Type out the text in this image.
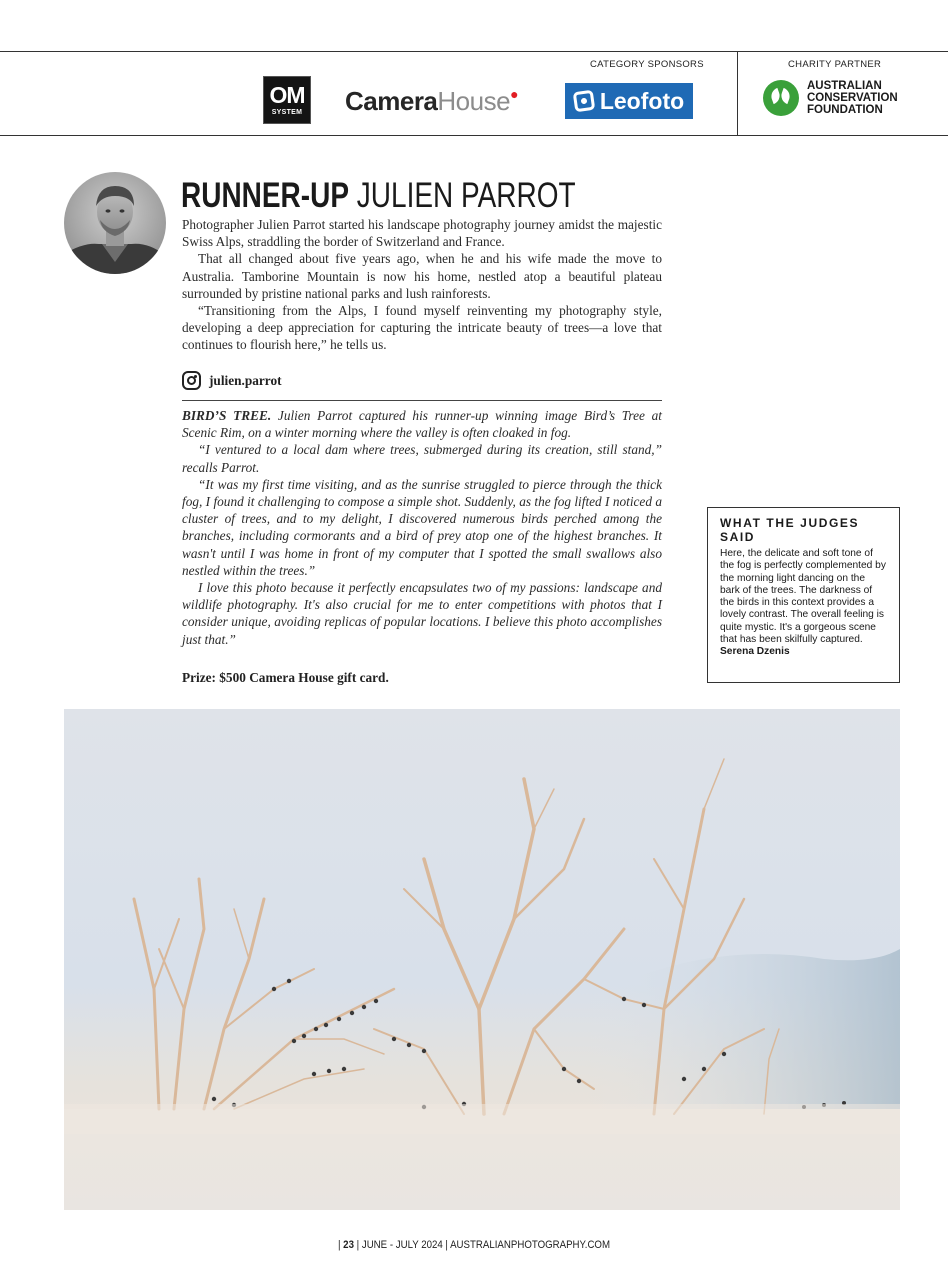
CATEGORY SPONSORS	CHARITY PARTNER
OM
SYSTEM CameraHouse●	Leofoto
AUSTRALIAN
CONSERVATION
FOUNDATION
RUNNER-UP JULIEN PARROT

Photographer Julien Parrot started his landscape photography journey amidst the majestic Swiss Alps, straddling the border of Switzerland and France.

That all changed about five years ago, when he and his wife made the move to Australia. Tamborine Mountain is now his home, nestled atop a beautiful plateau surrounded by pristine national parks and lush rainforests.

“Transitioning from the Alps, I found myself reinventing my photography style, developing a deep appreciation for capturing the intricate beauty of trees—a love that continues to flourish here,” he tells us.

julien.parrot

BIRD’S TREE. Julien Parrot captured his runner-up winning image Bird’s Tree at Scenic Rim, on a winter morning where the valley is often cloaked in fog.

“I ventured to a local dam where trees, submerged during its creation, still stand,” recalls Parrot.

“It was my first time visiting, and as the sunrise struggled to pierce through the thick fog, I found it challenging to compose a simple shot. Suddenly, as the fog lifted I noticed a cluster of trees, and to my delight, I discovered numerous birds perched among the branches, including cormorants and a bird of prey atop one of the highest branches. It wasn't until I was home in front of my computer that I spotted the small swallows also nestled within the trees.”

I love this photo because it perfectly encapsulates two of my passions: landscape and wildlife photography. It's also crucial for me to enter competitions with photos that I consider unique, avoiding replicas of popular locations. I believe this photo accomplishes just that.”

Prize: $500 Camera House gift card.
WHAT THE JUDGES SAID
Here, the delicate and soft tone of the fog is perfectly complemented by the morning light dancing on the bark of the trees. The darkness of the birds in this context provides a lovely contrast. The overall feeling is quite mystic. It's a gorgeous scene that has been skilfully captured. Serena Dzenis
| 23 | JUNE - JULY 2024 | AUSTRALIANPHOTOGRAPHY.COM
